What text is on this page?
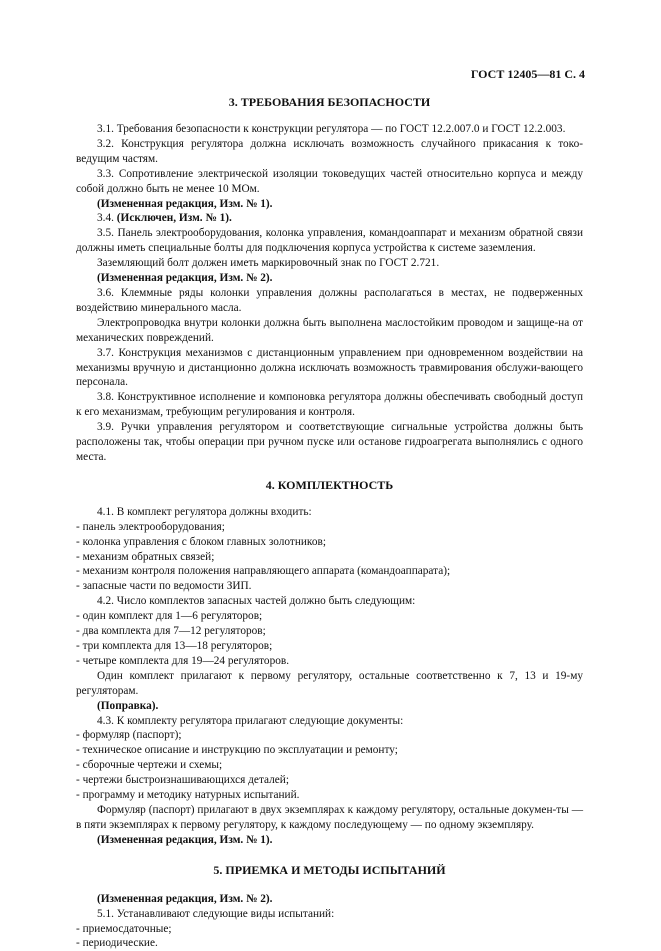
ГОСТ 12405—81 С. 4
3. ТРЕБОВАНИЯ БЕЗОПАСНОСТИ

3.1. Требования безопасности к конструкции регулятора — по ГОСТ 12.2.007.0 и ГОСТ 12.2.003.

3.2. Конструкция регулятора должна исключать возможность случайного прикасания к токо-ведущим частям.

3.3. Сопротивление электрической изоляции токоведущих частей относительно корпуса и между собой должно быть не менее 10 МОм.

(Измененная редакция, Изм. № 1).

3.4. (Исключен, Изм. № 1).

3.5. Панель электрооборудования, колонка управления, командоаппарат и механизм обратной связи должны иметь специальные болты для подключения корпуса устройства к системе заземления.

Заземляющий болт должен иметь маркировочный знак по ГОСТ 2.721.

(Измененная редакция, Изм. № 2).

3.6. Клеммные ряды колонки управления должны располагаться в местах, не подверженных воздействию минерального масла.

Электропроводка внутри колонки должна быть выполнена маслостойким проводом и защище-на от механических повреждений.

3.7. Конструкция механизмов с дистанционным управлением при одновременном воздействии на механизмы вручную и дистанционно должна исключать возможность травмирования обслужи-вающего персонала.

3.8. Конструктивное исполнение и компоновка регулятора должны обеспечивать свободный доступ к его механизмам, требующим регулирования и контроля.

3.9. Ручки управления регулятором и соответствующие сигнальные устройства должны быть расположены так, чтобы операции при ручном пуске или останове гидроагрегата выполнялись с одного места.

4. КОМПЛЕКТНОСТЬ

4.1. В комплект регулятора должны входить:

- панель электрооборудования;

- колонка управления с блоком главных золотников;

- механизм обратных связей;

- механизм контроля положения направляющего аппарата (командоаппарата);

- запасные части по ведомости ЗИП.

4.2. Число комплектов запасных частей должно быть следующим:

- один комплект для 1—6 регуляторов;

- два комплекта для 7—12 регуляторов;

- три комплекта для 13—18 регуляторов;

- четыре комплекта для 19—24 регуляторов.

Один комплект прилагают к первому регулятору, остальные соответственно к 7, 13 и 19-му регуляторам.

(Поправка).

4.3. К комплекту регулятора прилагают следующие документы:

- формуляр (паспорт);

- техническое описание и инструкцию по эксплуатации и ремонту;

- сборочные чертежи и схемы;

- чертежи быстроизнашивающихся деталей;

- программу и методику натурных испытаний.

Формуляр (паспорт) прилагают в двух экземплярах к каждому регулятору, остальные докумен-ты — в пяти экземплярах к первому регулятору, к каждому последующему — по одному экземпляру.

(Измененная редакция, Изм. № 1).

5. ПРИЕМКА И МЕТОДЫ ИСПЫТАНИЙ

(Измененная редакция, Изм. № 2).

5.1. Устанавливают следующие виды испытаний:

- приемосдаточные;

- периодические.
